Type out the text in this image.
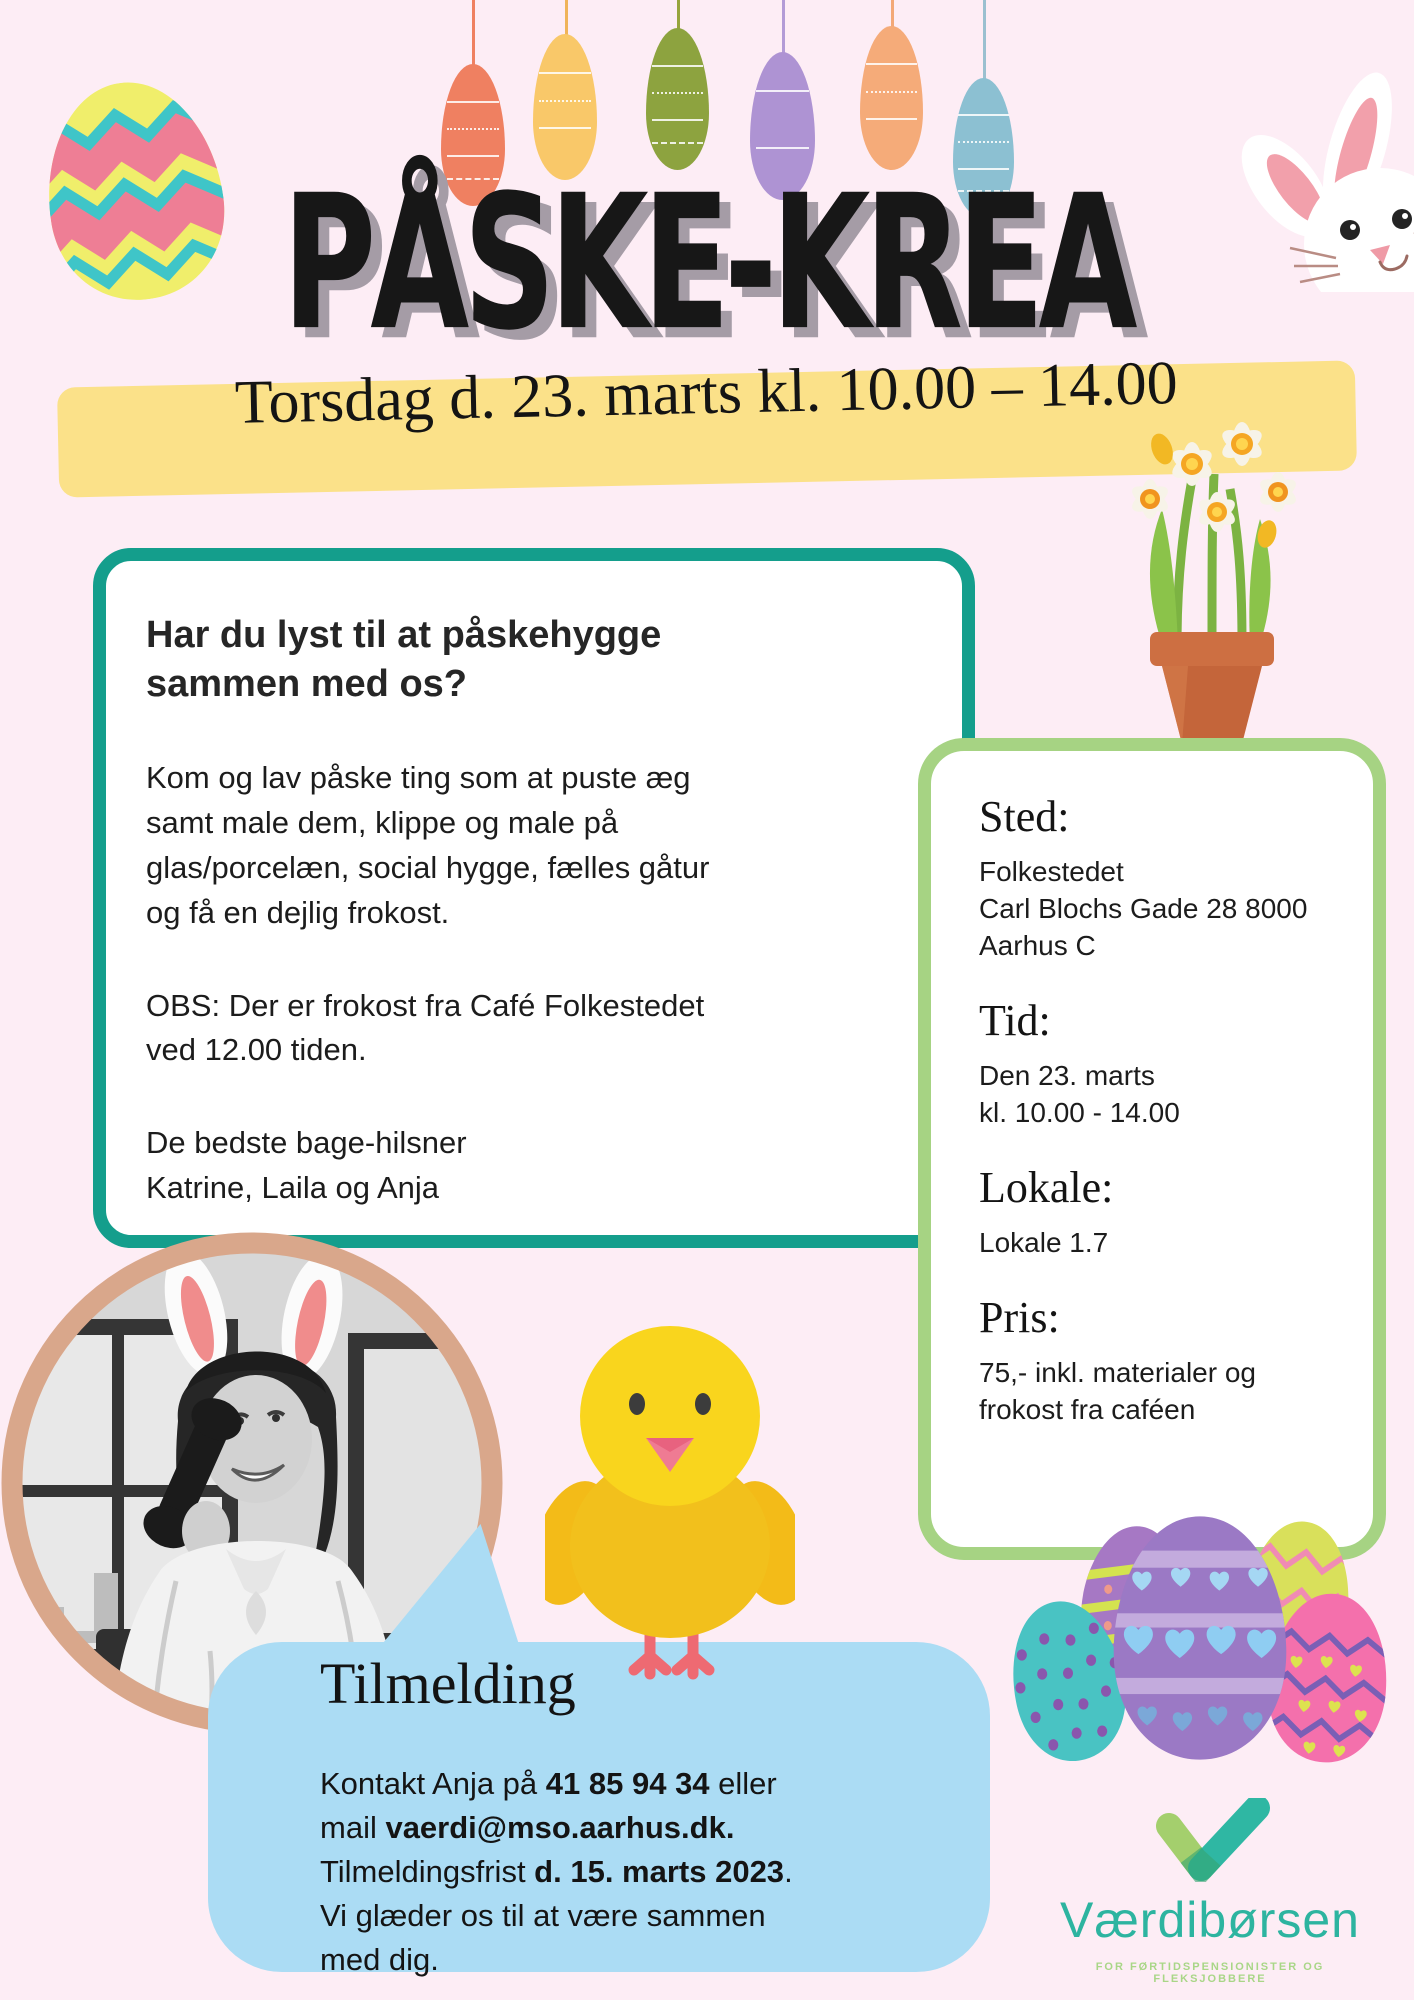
PÅSKE-KREA
Torsdag d. 23. marts kl. 10.00 – 14.00
Har du lyst til at påskehygge
sammen med os?
Kom og lav påske ting som at puste æg
samt male dem, klippe og male på
glas/porcelæn, social hygge, fælles gåtur
og få en dejlig frokost.
OBS: Der er frokost fra Café Folkestedet
ved 12.00 tiden.
De bedste bage-hilsner
Katrine, Laila og Anja
Sted:
Folkestedet
Carl Blochs Gade 28 8000
Aarhus C
Tid:
Den 23. marts
kl. 10.00 - 14.00
Lokale:
Lokale 1.7
Pris:
75,- inkl. materialer og
frokost fra caféen
Tilmelding
Kontakt Anja på 41 85 94 34 eller
mail vaerdi@mso.aarhus.dk.
Tilmeldingsfrist d. 15. marts 2023.
Vi glæder os til at være sammen
med dig.
Værdibørsen
FOR FØRTIDSPENSIONISTER OG FLEKSJOBBERE
